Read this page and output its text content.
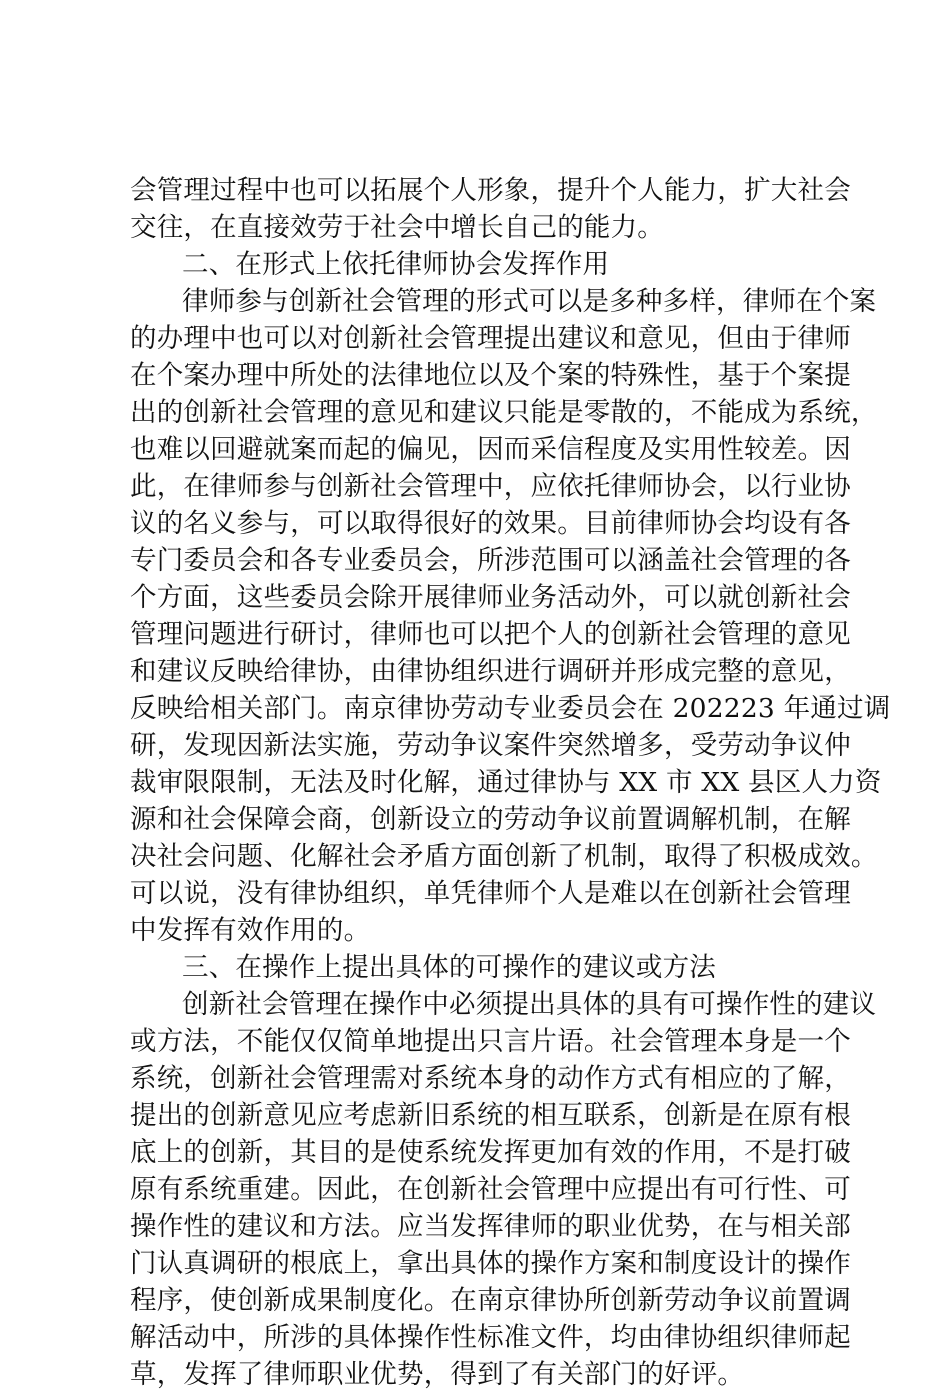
会管理过程中也可以拓展个人形象，提升个人能力，扩大社会
交往，在直接效劳于社会中增长自己的能力。
二、在形式上依托律师协会发挥作用
律师参与创新社会管理的形式可以是多种多样，律师在个案
的办理中也可以对创新社会管理提出建议和意见，但由于律师
在个案办理中所处的法律地位以及个案的特殊性，基于个案提
出的创新社会管理的意见和建议只能是零散的，不能成为系统，
也难以回避就案而起的偏见，因而采信程度及实用性较差。因
此，在律师参与创新社会管理中，应依托律师协会，以行业协
议的名义参与，可以取得很好的效果。目前律师协会均设有各
专门委员会和各专业委员会，所涉范围可以涵盖社会管理的各
个方面，这些委员会除开展律师业务活动外，可以就创新社会
管理问题进行研讨，律师也可以把个人的创新社会管理的意见
和建议反映给律协，由律协组织进行调研并形成完整的意见，
反映给相关部门。南京律协劳动专业委员会在 202223 年通过调
研，发现因新法实施，劳动争议案件突然增多，受劳动争议仲
裁审限限制，无法及时化解，通过律协与 XX 市 XX 县区人力资
源和社会保障会商，创新设立的劳动争议前置调解机制，在解
决社会问题、化解社会矛盾方面创新了机制，取得了积极成效。
可以说，没有律协组织，单凭律师个人是难以在创新社会管理
中发挥有效作用的。
三、在操作上提出具体的可操作的建议或方法
创新社会管理在操作中必须提出具体的具有可操作性的建议
或方法，不能仅仅简单地提出只言片语。社会管理本身是一个
系统，创新社会管理需对系统本身的动作方式有相应的了解，
提出的创新意见应考虑新旧系统的相互联系，创新是在原有根
底上的创新，其目的是使系统发挥更加有效的作用，不是打破
原有系统重建。因此，在创新社会管理中应提出有可行性、可
操作性的建议和方法。应当发挥律师的职业优势，在与相关部
门认真调研的根底上，拿出具体的操作方案和制度设计的操作
程序，使创新成果制度化。在南京律协所创新劳动争议前置调
解活动中，所涉的具体操作性标准文件，均由律协组织律师起
草，发挥了律师职业优势，得到了有关部门的好评。
